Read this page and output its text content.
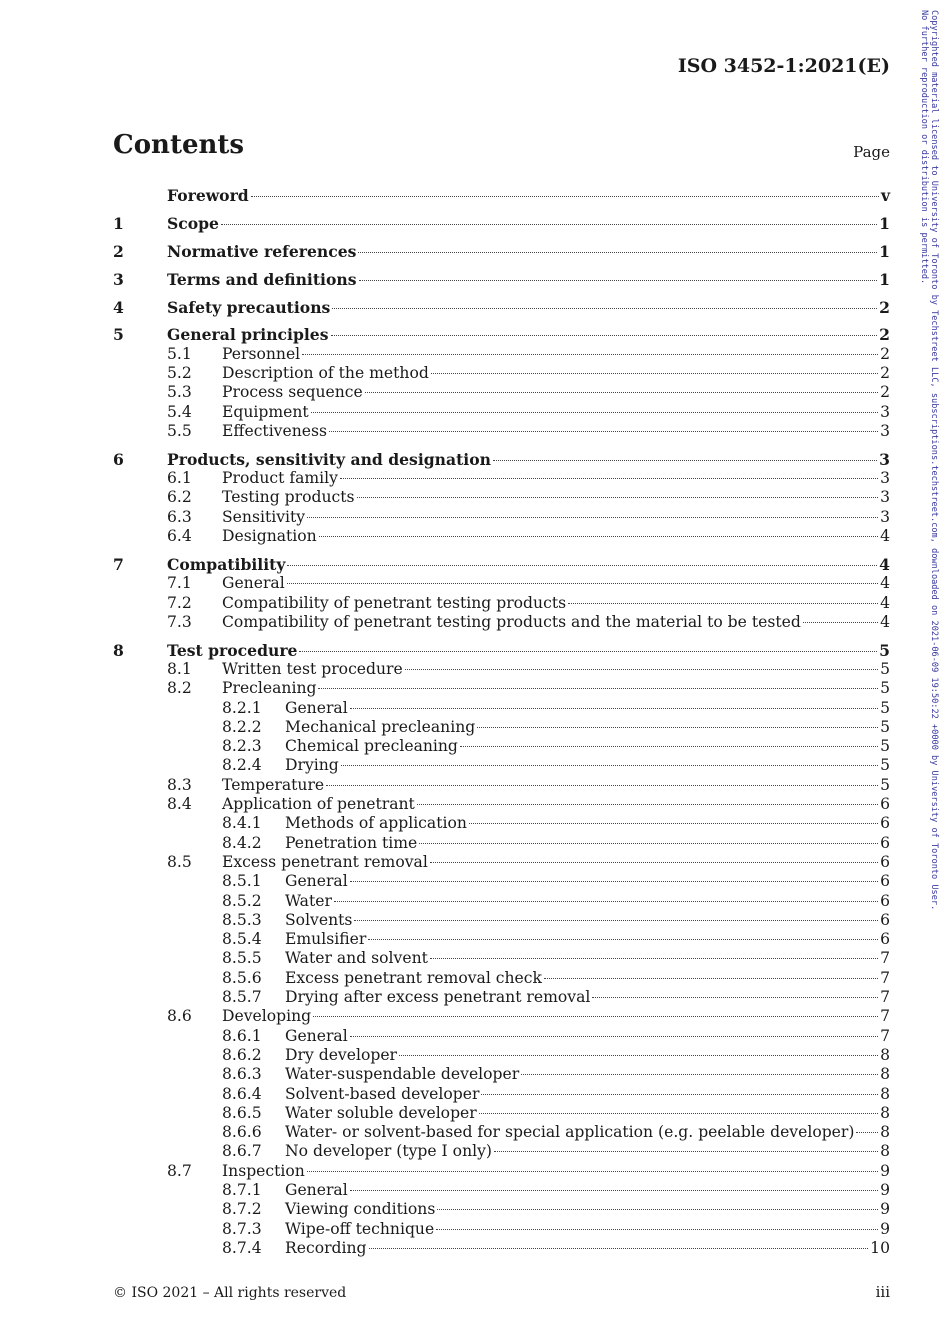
ISO 3452-1:2021(E)
Contents	Page
Foreword	v
1	Scope	1
2	Normative references	1
3	Terms and definitions	1
4	Safety precautions	2
5	General principles	2
5.1	Personnel	2
5.2	Description of the method	2
5.3	Process sequence	2
5.4	Equipment	3
5.5	Effectiveness	3
6	Products, sensitivity and designation	3
6.1	Product family	3
6.2	Testing products	3
6.3	Sensitivity	3
6.4	Designation	4
7	Compatibility	4
7.1	General	4
7.2	Compatibility of penetrant testing products	4
7.3	Compatibility of penetrant testing products and the material to be tested	4
8	Test procedure	5
8.1	Written test procedure	5
8.2	Precleaning	5
8.2.1	General	5
8.2.2	Mechanical precleaning	5
8.2.3	Chemical precleaning	5
8.2.4	Drying	5
8.3	Temperature	5
8.4	Application of penetrant	6
8.4.1	Methods of application	6
8.4.2	Penetration time	6
8.5	Excess penetrant removal	6
8.5.1	General	6
8.5.2	Water	6
8.5.3	Solvents	6
8.5.4	Emulsifier	6
8.5.5	Water and solvent	7
8.5.6	Excess penetrant removal check	7
8.5.7	Drying after excess penetrant removal	7
8.6	Developing	7
8.6.1	General	7
8.6.2	Dry developer	8
8.6.3	Water-suspendable developer	8
8.6.4	Solvent-based developer	8
8.6.5	Water soluble developer	8
8.6.6	Water- or solvent-based for special application (e.g. peelable developer) 8
8.6.7	No developer (type I only)	8
8.7	Inspection	9
8.7.1	General	9
8.7.2	Viewing conditions	9
8.7.3	Wipe-off technique	9
8.7.4	Recording	10
© ISO 2021 – All rights reserved	iii
Copyrighted material licensed to University of Toronto by Techstreet LLC, subscriptions.techstreet.com, downloaded on 2021-06-09 19:50:22 +0000 by University of Toronto User.
No further reproduction or distribution is permitted.
